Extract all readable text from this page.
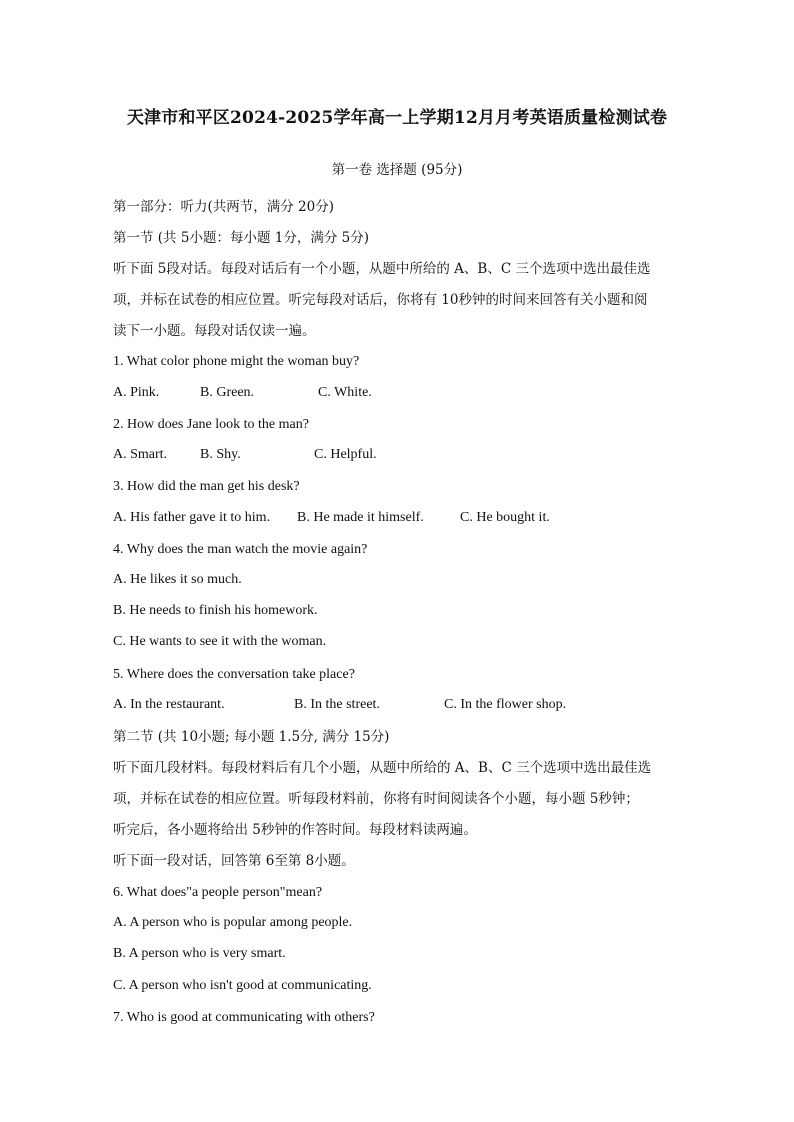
天津市和平区2024-2025学年高一上学期12月月考英语质量检测试卷
第一卷 选择题 (95分)
第一部分：听力(共两节，满分 20分)
第一节 (共 5小题：每小题 1分，满分 5分)
听下面 5段对话。每段对话后有一个小题，从题中所给的 A、B、C 三个选项中选出最佳选
项，并标在试卷的相应位置。听完每段对话后，你将有 10秒钟的时间来回答有关小题和阅
读下一小题。每段对话仅读一遍。
1. What color phone might the woman buy?
A. Pink.	B. Green.	C. White.
2. How does Jane look to the man?
A. Smart. B. Shy.	C. Helpful.
3. How did the man get his desk?
A. His father gave it to him. B. He made it himself.	C. He bought it.
4. Why does the man watch the movie again?
A. He likes it so much.
B. He needs to finish his homework.
C. He wants to see it with the woman.
5. Where does the conversation take place?
A. In the restaurant.	B. In the street.	C. In the flower shop.
第二节 (共 10小题; 每小题 1.5分, 满分 15分)
听下面几段材料。每段材料后有几个小题，从题中所给的 A、B、C 三个选项中选出最佳选
项，并标在试卷的相应位置。听每段材料前，你将有时间阅读各个小题，每小题 5秒钟；
听完后，各小题将给出 5秒钟的作答时间。每段材料读两遍。
听下面一段对话，回答第 6至第 8小题。
6. What does"a people person"mean?
A. A person who is popular among people.
B. A person who is very smart.
C. A person who isn't good at communicating.
7. Who is good at communicating with others?
